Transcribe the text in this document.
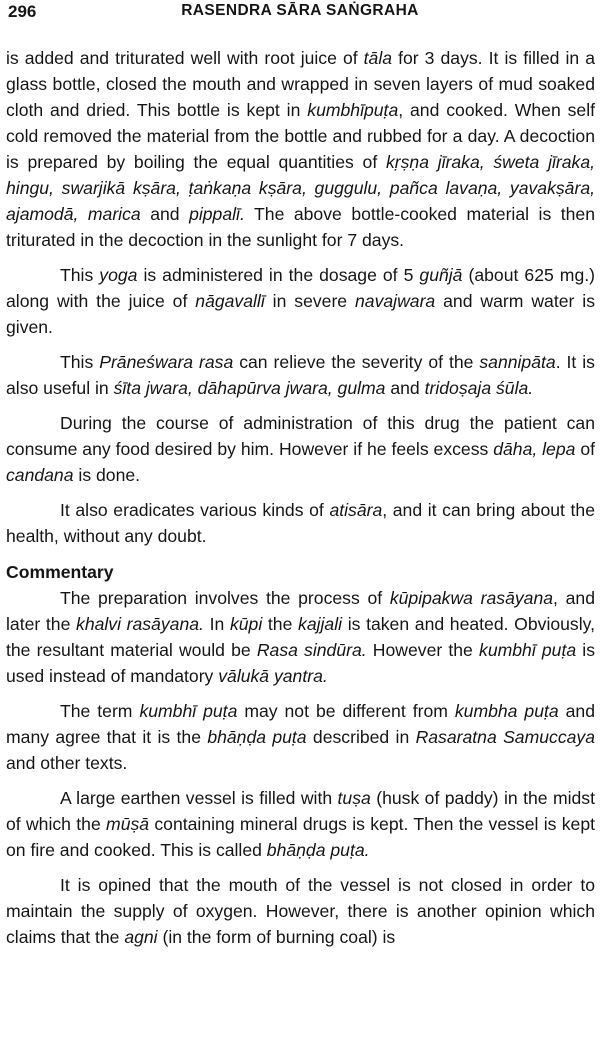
296	RASENDRA SĀRA SAṄGRAHA

is added and triturated well with root juice of tāla for 3 days. It is filled in a glass bottle, closed the mouth and wrapped in seven layers of mud soaked cloth and dried. This bottle is kept in kumbhīpuṭa, and cooked. When self cold removed the material from the bottle and rubbed for a day. A decoction is prepared by boiling the equal quantities of kṛṣṇa jīraka, śweta jīraka, hingu, swarjikā kṣāra, ṭaṅkaṇa kṣāra, guggulu, pañca lavaṇa, yavakṣāra, ajamodā, marica and pippalī. The above bottle-cooked material is then triturated in the decoction in the sunlight for 7 days.

This yoga is administered in the dosage of 5 guñjā (about 625 mg.) along with the juice of nāgavallī in severe navajwara and warm water is given.

This Prāneśwara rasa can relieve the severity of the sannipāta. It is also useful in śīta jwara, dāhapūrva jwara, gulma and tridoṣaja śūla.

During the course of administration of this drug the patient can consume any food desired by him. However if he feels excess dāha, lepa of candana is done.

It also eradicates various kinds of atisāra, and it can bring about the health, without any doubt.

Commentary

The preparation involves the process of kūpipakwa rasāyana, and later the khalvi rasāyana. In kūpi the kajjali is taken and heated. Obviously, the resultant material would be Rasa sindūra. However the kumbhī puṭa is used instead of mandatory vālukā yantra.

The term kumbhī puṭa may not be different from kumbha puṭa and many agree that it is the bhāṇḍa puṭa described in Rasaratna Samuccaya and other texts.

A large earthen vessel is filled with tuṣa (husk of paddy) in the midst of which the mūṣā containing mineral drugs is kept. Then the vessel is kept on fire and cooked. This is called bhāṇḍa puṭa.

It is opined that the mouth of the vessel is not closed in order to maintain the supply of oxygen. However, there is another opinion which claims that the agni (in the form of burning coal) is
